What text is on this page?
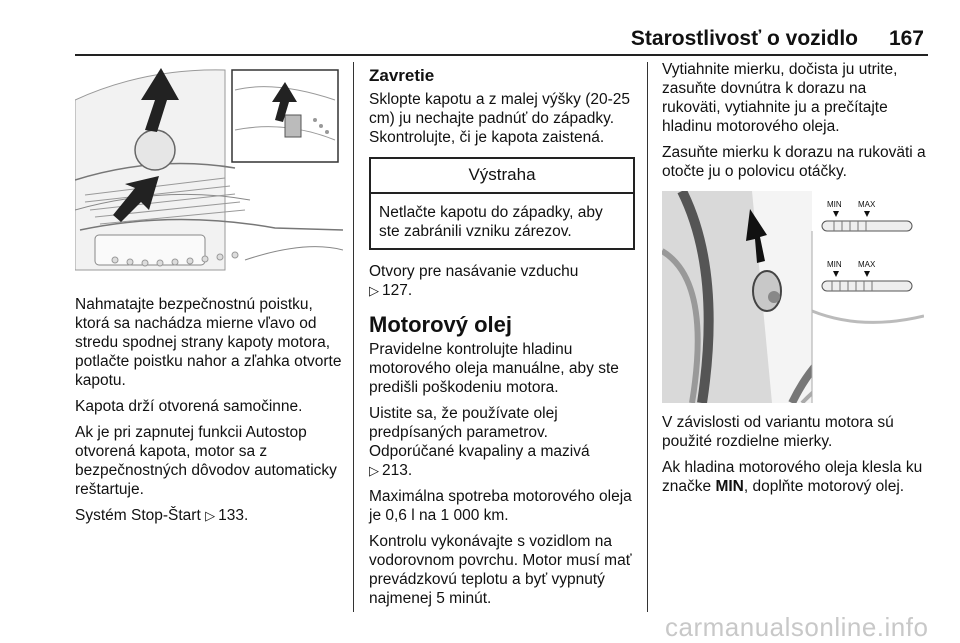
Starostlivosť o vozidlo 167

Nahmatajte bezpečnostnú poistku, ktorá sa nachádza mierne vľavo od stredu spodnej strany kapoty motora, potlačte poistku nahor a zľahka otvorte kapotu.

Kapota drží otvorená samočinne.

Ak je pri zapnutej funkcii Autostop otvorená kapota, motor sa z bezpečnostných dôvodov automaticky reštartuje.

Systém Stop-Štart ▷ 133.

Zavretie

Sklopte kapotu a z malej výšky (20-25 cm) ju nechajte padnúť do západky. Skontrolujte, či je kapota zaistená.

Výstraha
Netlačte kapotu do západky, aby ste zabránili vzniku zárezov.

Otvory pre nasávanie vzduchu
▷ 127.

Motorový olej

Pravidelne kontrolujte hladinu motorového oleja manuálne, aby ste predišli poškodeniu motora.

Uistite sa, že používate olej predpísaných parametrov.
Odporúčané kvapaliny a mazivá
▷ 213.

Maximálna spotreba motorového oleja je 0,6 l na 1 000 km.

Kontrolu vykonávajte s vozidlom na vodorovnom povrchu. Motor musí mať prevádzkovú teplotu a byť vypnutý najmenej 5 minút.

Vytiahnite mierku, dočista ju utrite, zasuňte dovnútra k dorazu na rukoväti, vytiahnite ju a prečítajte hladinu motorového oleja.

Zasuňte mierku k dorazu na rukoväti a otočte ju o polovicu otáčky.

MIN MAX
MIN MAX

V závislosti od variantu motora sú použité rozdielne mierky.

Ak hladina motorového oleja klesla ku značke MIN, doplňte motorový olej.

carmanualsonline.info
